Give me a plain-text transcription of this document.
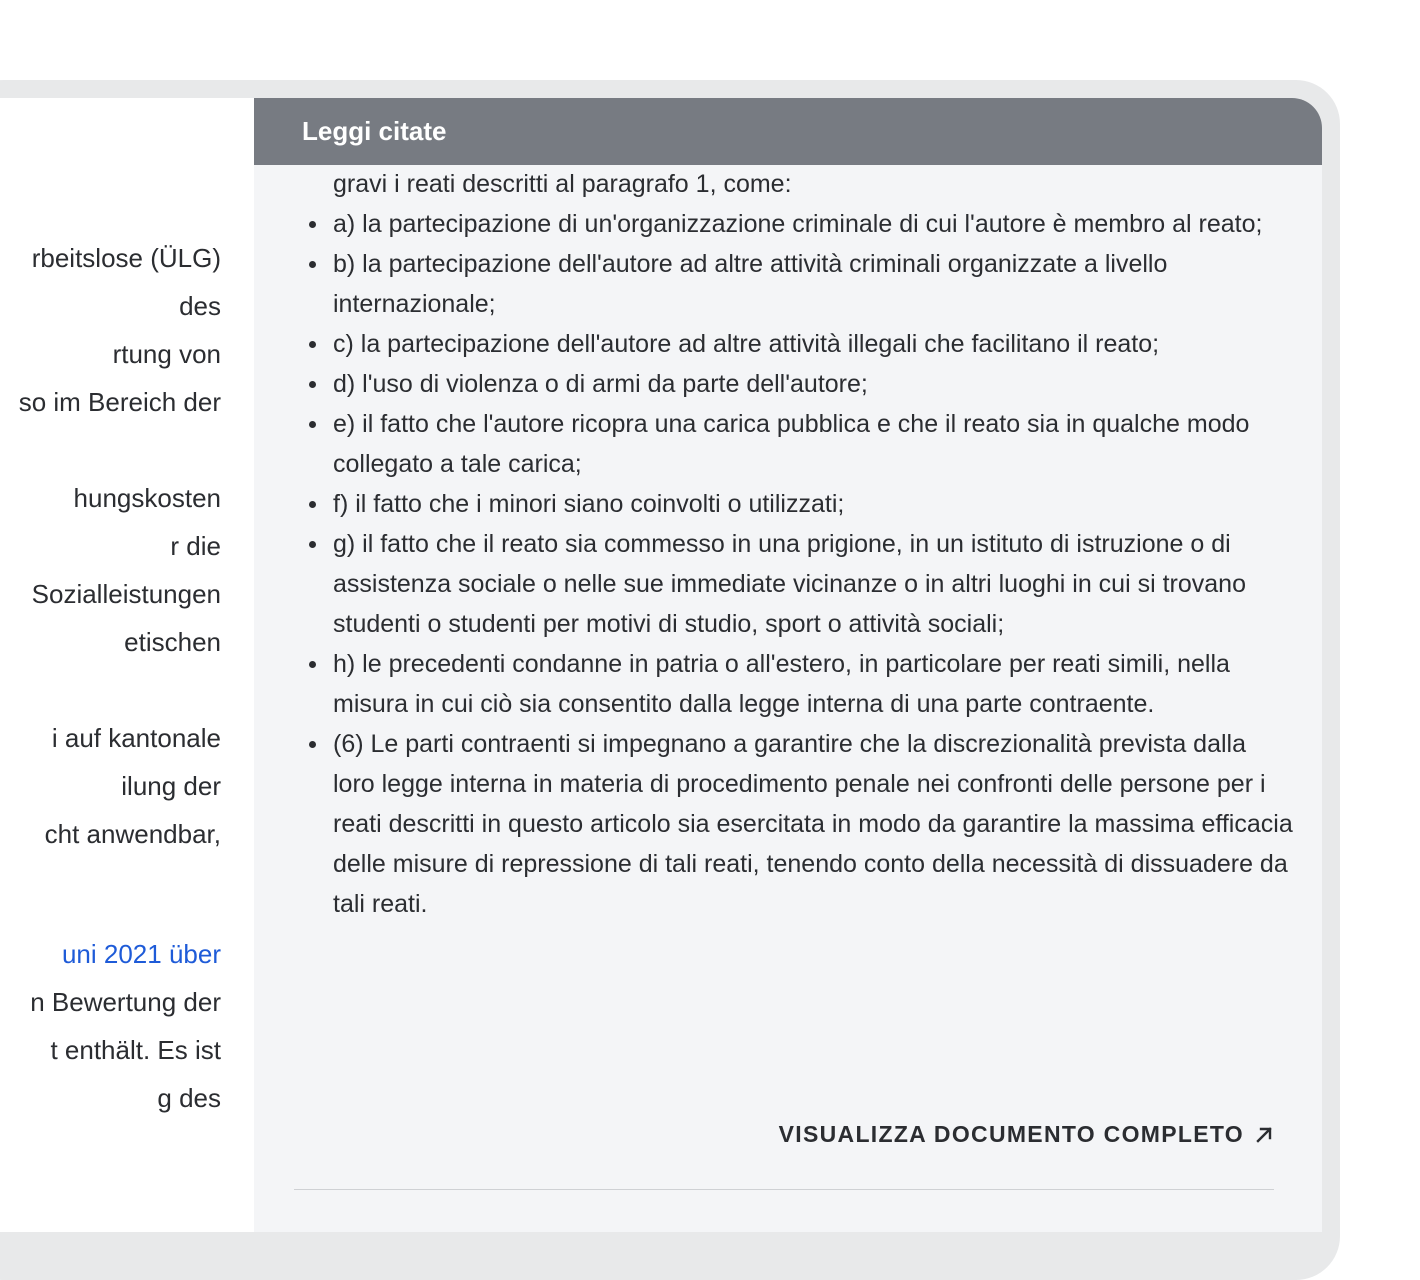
rbeitslose (ÜLG)
des
rtung von
so im Bereich der
hungskosten
r die
Sozialleistungen
etischen
i auf kantonale
ilung der
cht anwendbar,
uni 2021 über
n Bewertung der
t enthält. Es ist
g des
Leggi citate

gravi i reati descritti al paragrafo 1, come:

a) la partecipazione di un'organizzazione criminale di cui l'autore è membro al reato;
b) la partecipazione dell'autore ad altre attività criminali organizzate a livello internazionale;
c) la partecipazione dell'autore ad altre attività illegali che facilitano il reato;
d) l'uso di violenza o di armi da parte dell'autore;
e) il fatto che l'autore ricopra una carica pubblica e che il reato sia in qualche modo collegato a tale carica;
f) il fatto che i minori siano coinvolti o utilizzati;
g) il fatto che il reato sia commesso in una prigione, in un istituto di istruzione o di assistenza sociale o nelle sue immediate vicinanze o in altri luoghi in cui si trovano studenti o studenti per motivi di studio, sport o attività sociali;
h) le precedenti condanne in patria o all'estero, in particolare per reati simili, nella misura in cui ciò sia consentito dalla legge interna di una parte contraente.
(6) Le parti contraenti si impegnano a garantire che la discrezionalità prevista dalla loro legge interna in materia di procedimento penale nei confronti delle persone per i reati descritti in questo articolo sia esercitata in modo da garantire la massima efficacia delle misure di repressione di tali reati, tenendo conto della necessità di dissuadere da tali reati.
VISUALIZZA DOCUMENTO COMPLETO
